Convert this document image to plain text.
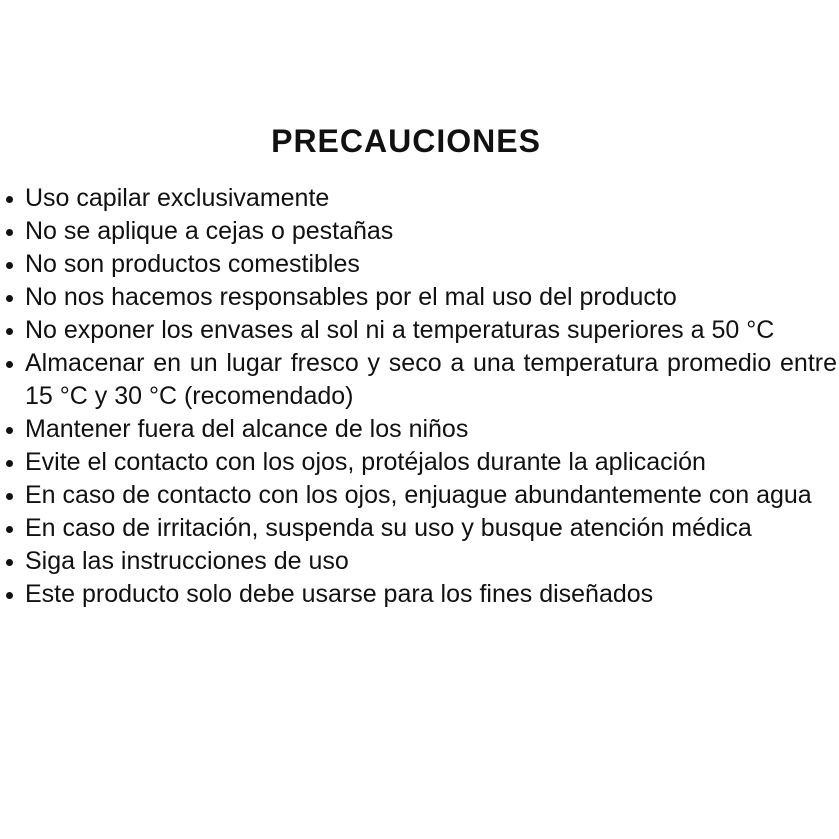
PRECAUCIONES
Uso capilar exclusivamente
No se aplique a cejas o pestañas
No son productos comestibles
No nos hacemos responsables por el mal uso del producto
No exponer los envases al sol ni a temperaturas superiores a 50 °C
Almacenar en un lugar fresco y seco a una temperatura promedio entre 15 °C y 30 °C (recomendado)
Mantener fuera del alcance de los niños
Evite el contacto con los ojos, protéjalos durante la aplicación
En caso de contacto con los ojos, enjuague abundantemente con agua
En caso de irritación, suspenda su uso y busque atención médica
Siga las instrucciones de uso
Este producto solo debe usarse para los fines diseñados
